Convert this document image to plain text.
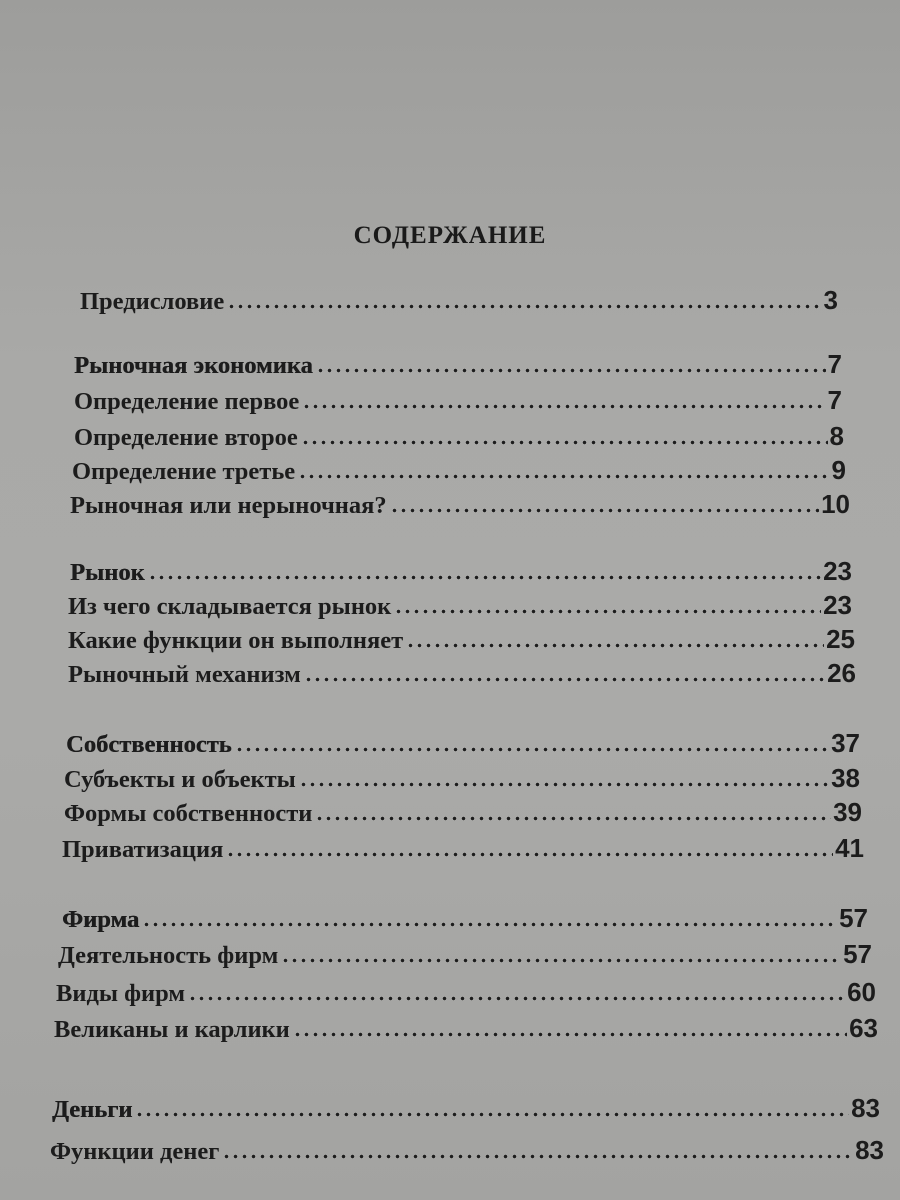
СОДЕРЖАНИЕ
Предисловие	3
Рыночная экономика	7
Определение первое	7
Определение второе	8
Определение третье	9
Рыночная или нерыночная?	10
Рынок	23
Из чего складывается рынок	23
Какие функции он выполняет	25
Рыночный механизм	26
Собственность	37
Субъекты и объекты	38
Формы собственности	39
Приватизация	41
Фирма	57
Деятельность фирм	57
Виды фирм	60
Великаны и карлики	63
Деньги	83
Функции денег	83
